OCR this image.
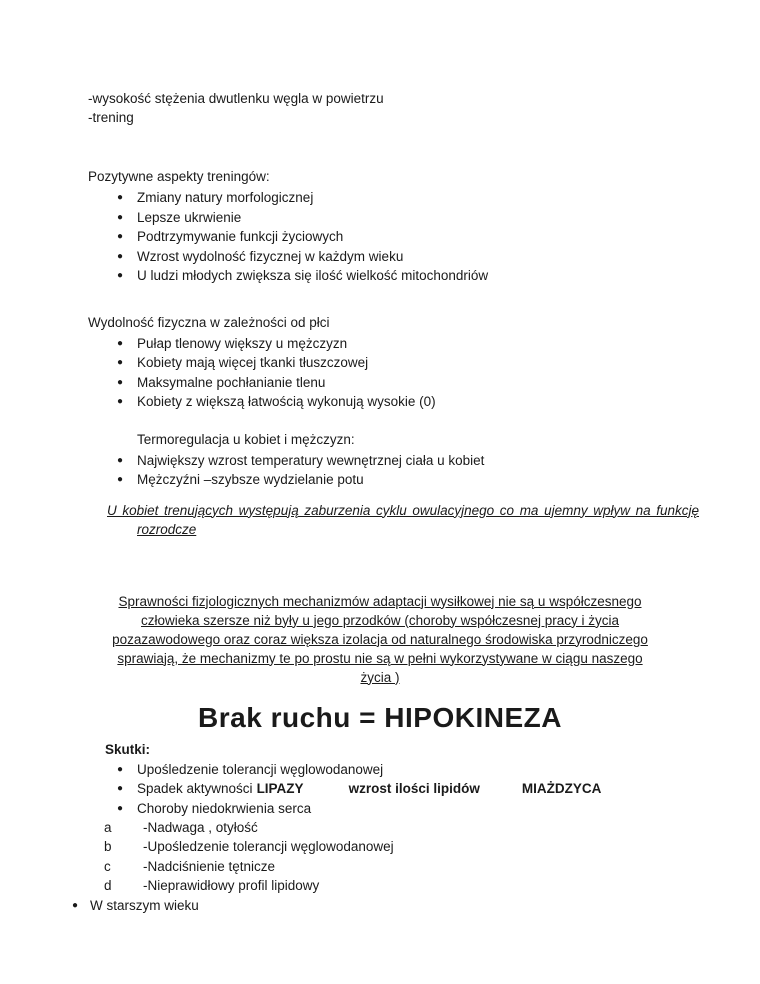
-wysokość stężenia dwutlenku węgla w powietrzu
-trening
Pozytywne aspekty treningów:
● Zmiany natury morfologicznej
● Lepsze ukrwienie
● Podtrzymywanie funkcji życiowych
● Wzrost wydolność fizycznej w każdym wieku
● U ludzi młodych zwiększa się ilość wielkość mitochondriów
Wydolność fizyczna w zależności od płci
● Pułap tlenowy większy u mężczyzn
● Kobiety mają więcej tkanki tłuszczowej
● Maksymalne pochłanianie tlenu
● Kobiety z większą łatwością wykonują wysokie (0)
Termoregulacja u kobiet i mężczyzn:
● Największy wzrost temperatury wewnętrznej ciała u kobiet
● Mężczyźni –szybsze wydzielanie potu
U kobiet trenujących występują zaburzenia cyklu owulacyjnego co ma ujemny wpływ na funkcję rozrodcze
Sprawności fizjologicznych mechanizmów adaptacji wysiłkowej nie są u współczesnego człowieka szersze niż były u jego przodków (choroby współczesnej pracy i życia pozazawodowego oraz coraz większa izolacja od naturalnego środowiska przyrodniczego sprawiają, że mechanizmy te po prostu nie są w pełni wykorzystywane w ciągu naszego życia )
Brak ruchu = HIPOKINEZA
Skutki:
● Upośledzenie tolerancji węglowodanowej
● Spadek aktywności LIPAZY	wzrost ilości lipidów	MIAŻDZYCA
● Choroby niedokrwienia serca
a	-Nadwaga , otyłość
b	-Upośledzenie tolerancji węglowodanowej
c	-Nadciśnienie tętnicze
d	-Nieprawidłowy profil lipidowy
● W starszym wieku
